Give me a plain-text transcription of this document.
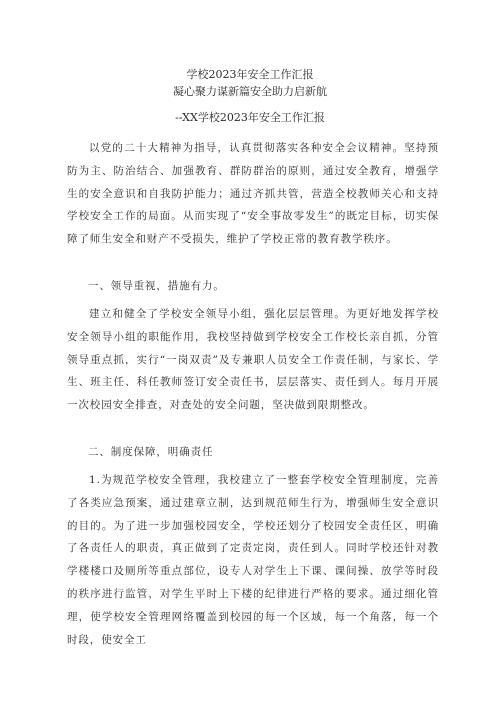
学校2023年安全工作汇报
凝心聚力谋新篇安全助力启新航
--XX学校2023年安全工作汇报
以党的二十大精神为指导，认真贯彻落实各种安全会议精神。坚持预防为主、防治结合、加强教育、群防群治的原则，通过安全教育，增强学生的安全意识和自我防护能力；通过齐抓共管，营造全校教师关心和支持学校安全工作的局面。从而实现了“安全事故零发生”的既定目标，切实保障了师生安全和财产不受损失，维护了学校正常的教育教学秩序。
一、领导重视，措施有力。
建立和健全了学校安全领导小组，强化层层管理。为更好地发挥学校安全领导小组的职能作用，我校坚持做到学校安全工作校长亲自抓，分管领导重点抓，实行“一岗双责”及专兼职人员安全工作责任制，与家长、学生、班主任、科任教师签订安全责任书，层层落实、责任到人。每月开展一次校园安全排查，对查处的安全问题，坚决做到限期整改。
二、制度保障，明确责任
1.为规范学校安全管理，我校建立了一整套学校安全管理制度，完善了各类应急预案，通过建章立制，达到规范师生行为，增强师生安全意识的目的。为了进一步加强校园安全，学校还划分了校园安全责任区，明确了各责任人的职责，真正做到了定责定岗，责任到人。同时学校还针对教学楼楼口及厕所等重点部位，设专人对学生上下课、课间操、放学等时段的秩序进行监管，对学生平时上下楼的纪律进行严格的要求。通过细化管理，使学校安全管理网络覆盖到校园的每一个区域，每一个角落，每一个时段，使安全工
